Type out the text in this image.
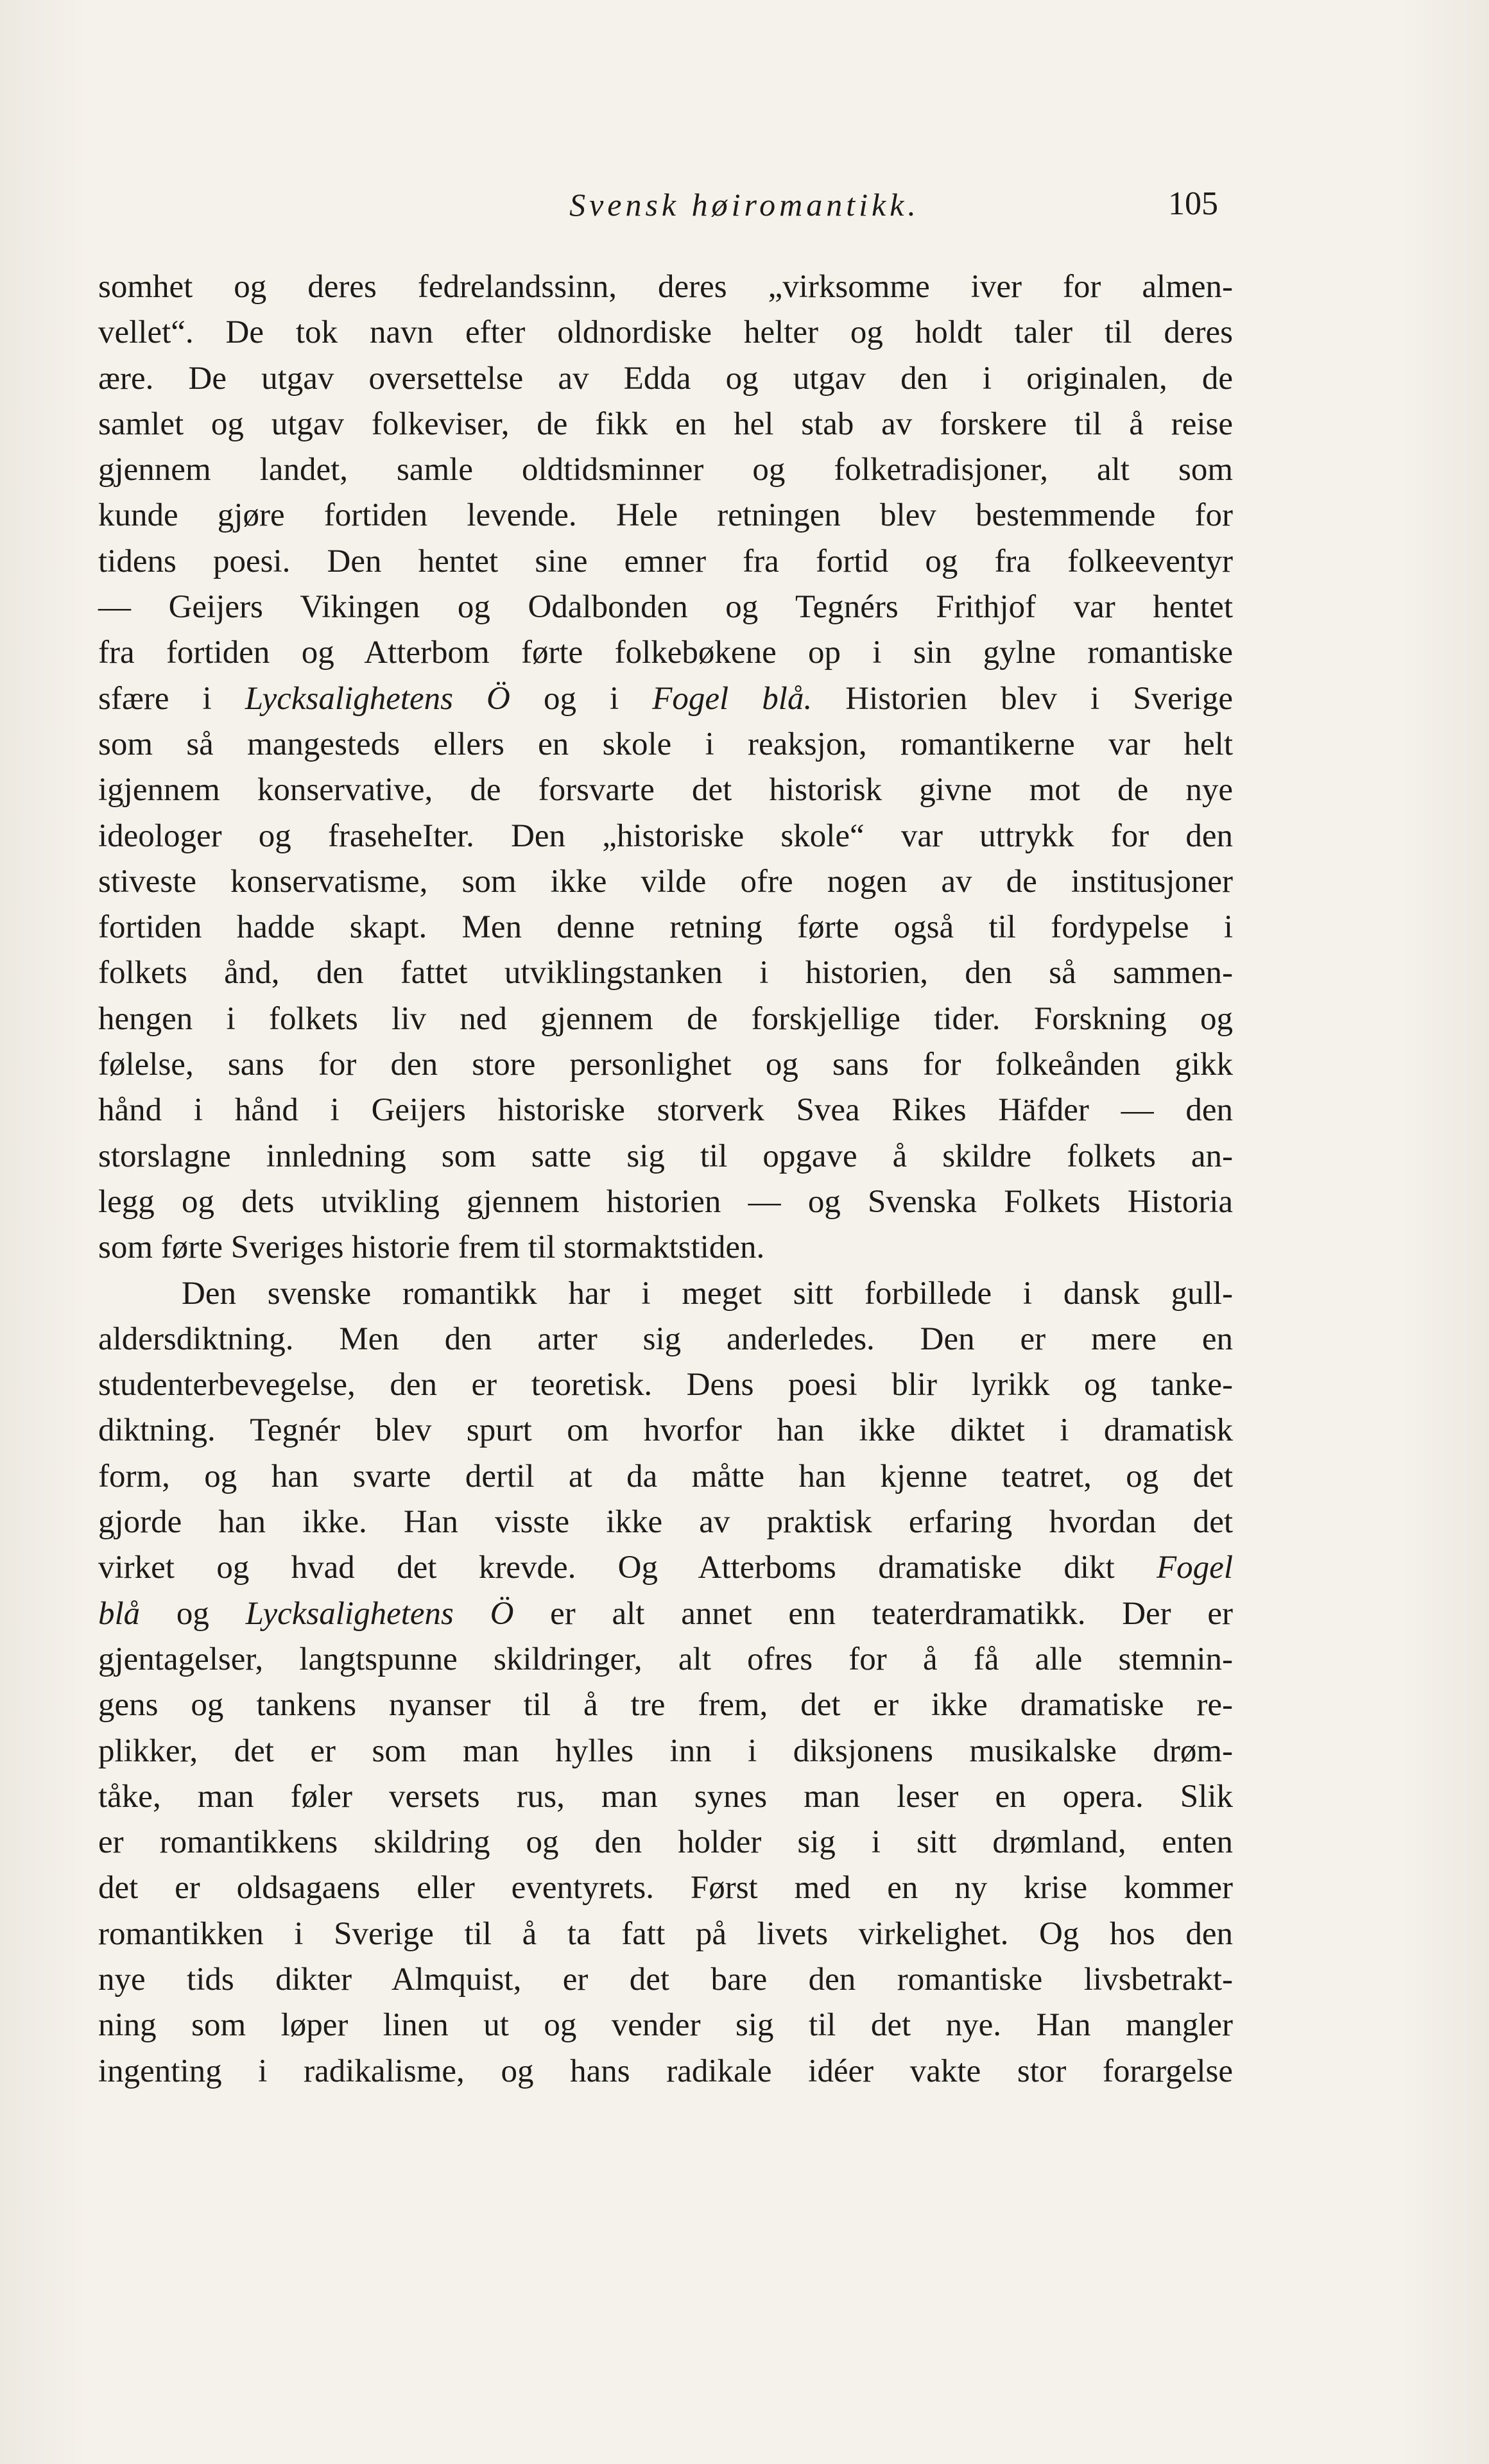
Svensk høiromantikk.	105
somhet og deres fedrelandssinn, deres „virksomme iver for almen-
vellet“. De tok navn efter oldnordiske helter og holdt taler til deres
ære. De utgav oversettelse av Edda og utgav den i originalen, de
samlet og utgav folkeviser, de fikk en hel stab av forskere til å reise
gjennem landet, samle oldtidsminner og folketradisjoner, alt som
kunde gjøre fortiden levende. Hele retningen blev bestemmende for
tidens poesi. Den hentet sine emner fra fortid og fra folkeeventyr
— Geijers Vikingen og Odalbonden og Tegnérs Frithjof var hentet
fra fortiden og Atterbom førte folkebøkene op i sin gylne romantiske
sfære i Lycksalighetens Ö og i Fogel blå. Historien blev i Sverige
som så mangesteds ellers en skole i reaksjon, romantikerne var helt
igjennem konservative, de forsvarte det historisk givne mot de nye
ideologer og fraseheIter. Den „historiske skole“ var uttrykk for den
stiveste konservatisme, som ikke vilde ofre nogen av de institusjoner
fortiden hadde skapt. Men denne retning førte også til fordypelse i
folkets ånd, den fattet utviklingstanken i historien, den så sammen-
hengen i folkets liv ned gjennem de forskjellige tider. Forskning og
følelse, sans for den store personlighet og sans for folkeånden gikk
hånd i hånd i Geijers historiske storverk Svea Rikes Häfder — den
storslagne innledning som satte sig til opgave å skildre folkets an-
legg og dets utvikling gjennem historien — og Svenska Folkets Historia
som førte Sveriges historie frem til stormaktstiden.
Den svenske romantikk har i meget sitt forbillede i dansk gull-
aldersdiktning. Men den arter sig anderledes. Den er mere en
studenterbevegelse, den er teoretisk. Dens poesi blir lyrikk og tanke-
diktning. Tegnér blev spurt om hvorfor han ikke diktet i dramatisk
form, og han svarte dertil at da måtte han kjenne teatret, og det
gjorde han ikke. Han visste ikke av praktisk erfaring hvordan det
virket og hvad det krevde. Og Atterboms dramatiske dikt Fogel
blå og Lycksalighetens Ö er alt annet enn teaterdramatikk. Der er
gjentagelser, langtspunne skildringer, alt ofres for å få alle stemnin-
gens og tankens nyanser til å tre frem, det er ikke dramatiske re-
plikker, det er som man hylles inn i diksjonens musikalske drøm-
tåke, man føler versets rus, man synes man leser en opera. Slik
er romantikkens skildring og den holder sig i sitt drømland, enten
det er oldsagaens eller eventyrets. Først med en ny krise kommer
romantikken i Sverige til å ta fatt på livets virkelighet. Og hos den
nye tids dikter Almquist, er det bare den romantiske livsbetrakt-
ning som løper linen ut og vender sig til det nye. Han mangler
ingenting i radikalisme, og hans radikale idéer vakte stor forargelse
